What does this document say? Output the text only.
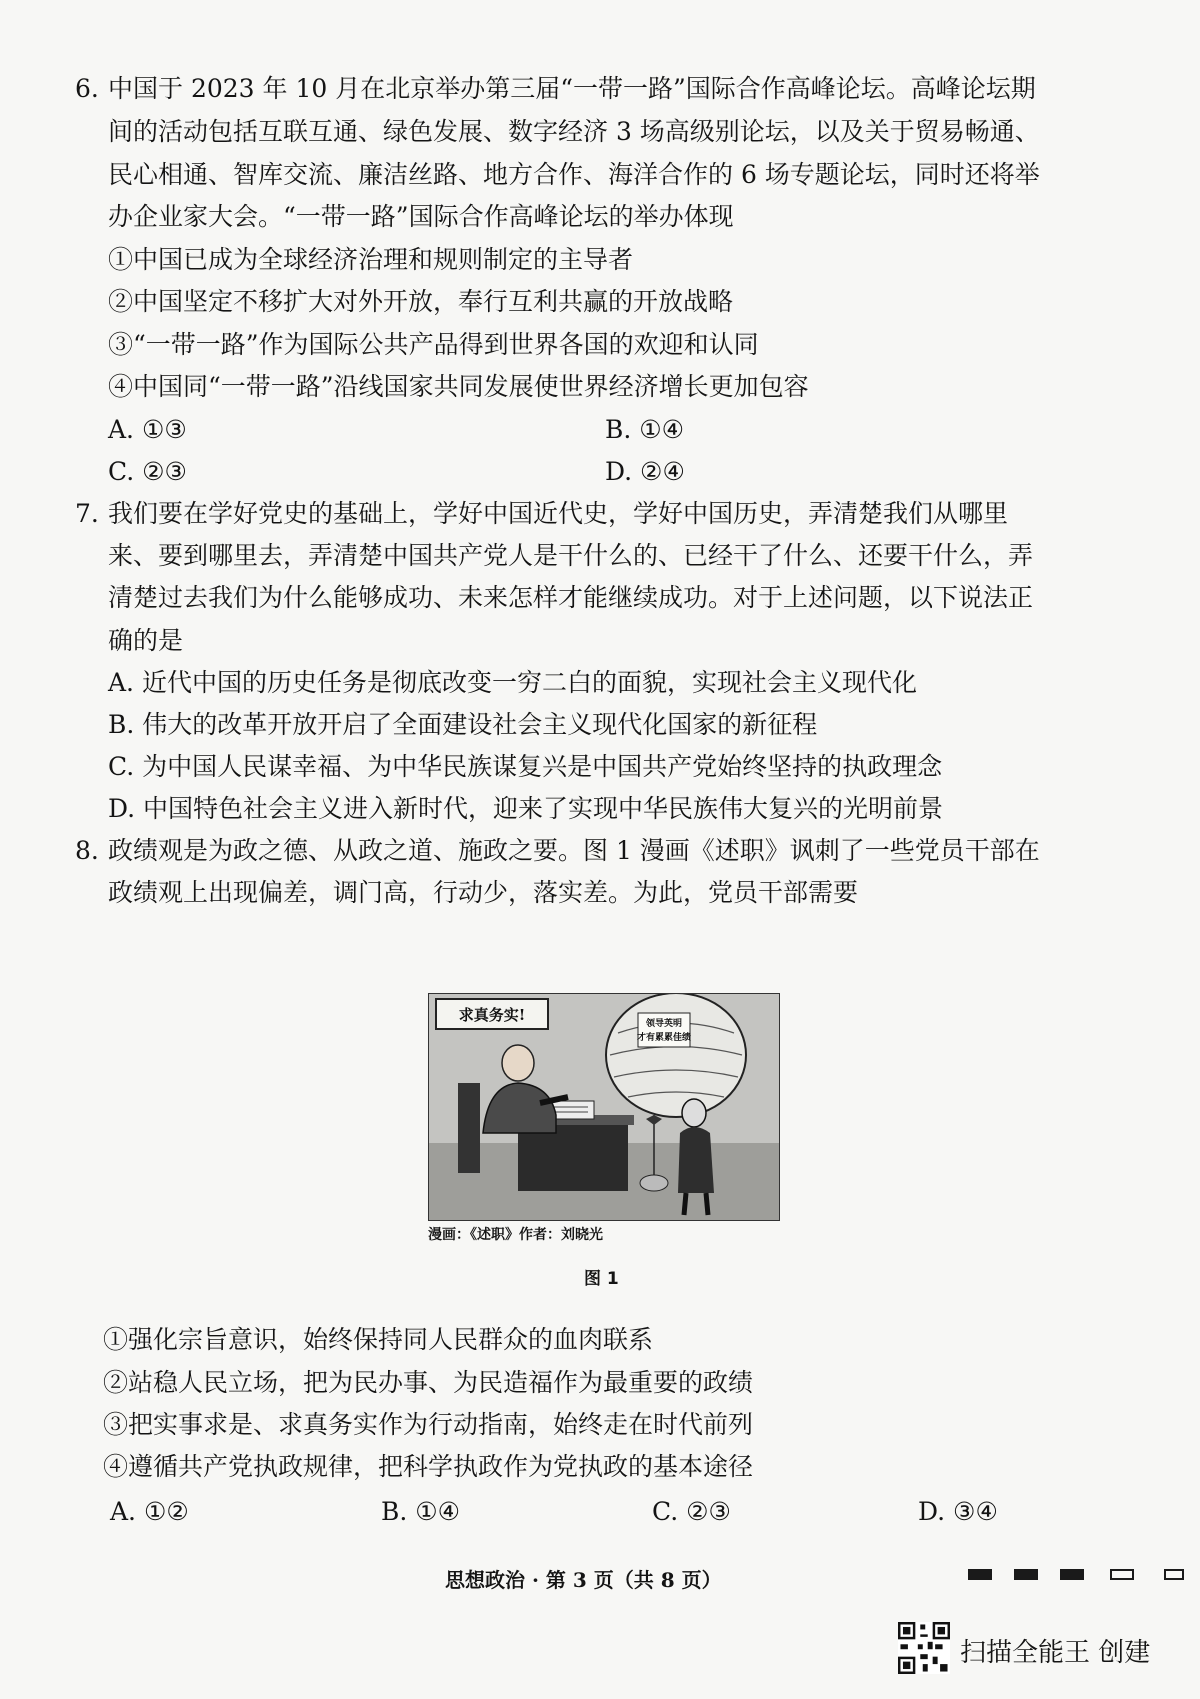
6. 中国于 2023 年 10 月在北京举办第三届“一带一路”国际合作高峰论坛。高峰论坛期
间的活动包括互联互通、绿色发展、数字经济 3 场高级别论坛，以及关于贸易畅通、
民心相通、智库交流、廉洁丝路、地方合作、海洋合作的 6 场专题论坛，同时还将举
办企业家大会。“一带一路”国际合作高峰论坛的举办体现
①中国已成为全球经济治理和规则制定的主导者
②中国坚定不移扩大对外开放，奉行互利共赢的开放战略
③“一带一路”作为国际公共产品得到世界各国的欢迎和认同
④中国同“一带一路”沿线国家共同发展使世界经济增长更加包容
A. ①③	B. ①④
C. ②③	D. ②④
7. 我们要在学好党史的基础上，学好中国近代史，学好中国历史，弄清楚我们从哪里
来、要到哪里去，弄清楚中国共产党人是干什么的、已经干了什么、还要干什么，弄
清楚过去我们为什么能够成功、未来怎样才能继续成功。对于上述问题，以下说法正
确的是
A. 近代中国的历史任务是彻底改变一穷二白的面貌，实现社会主义现代化
B. 伟大的改革开放开启了全面建设社会主义现代化国家的新征程
C. 为中国人民谋幸福、为中华民族谋复兴是中国共产党始终坚持的执政理念
D. 中国特色社会主义进入新时代，迎来了实现中华民族伟大复兴的光明前景
8. 政绩观是为政之德、从政之道、施政之要。图 1 漫画《述职》讽刺了一些党员干部在
政绩观上出现偏差，调门高，行动少，落实差。为此，党员干部需要
求真务实!	领导英明
才有累累佳绩
漫画：《述职》作者：刘晓光
图 1
①强化宗旨意识，始终保持同人民群众的血肉联系
②站稳人民立场，把为民办事、为民造福作为最重要的政绩
③把实事求是、求真务实作为行动指南，始终走在时代前列
④遵循共产党执政规律，把科学执政作为党执政的基本途径
A. ①②	B. ①④	C. ②③	D. ③④
思想政治 · 第 3 页（共 8 页）
扫描全能王 创建
